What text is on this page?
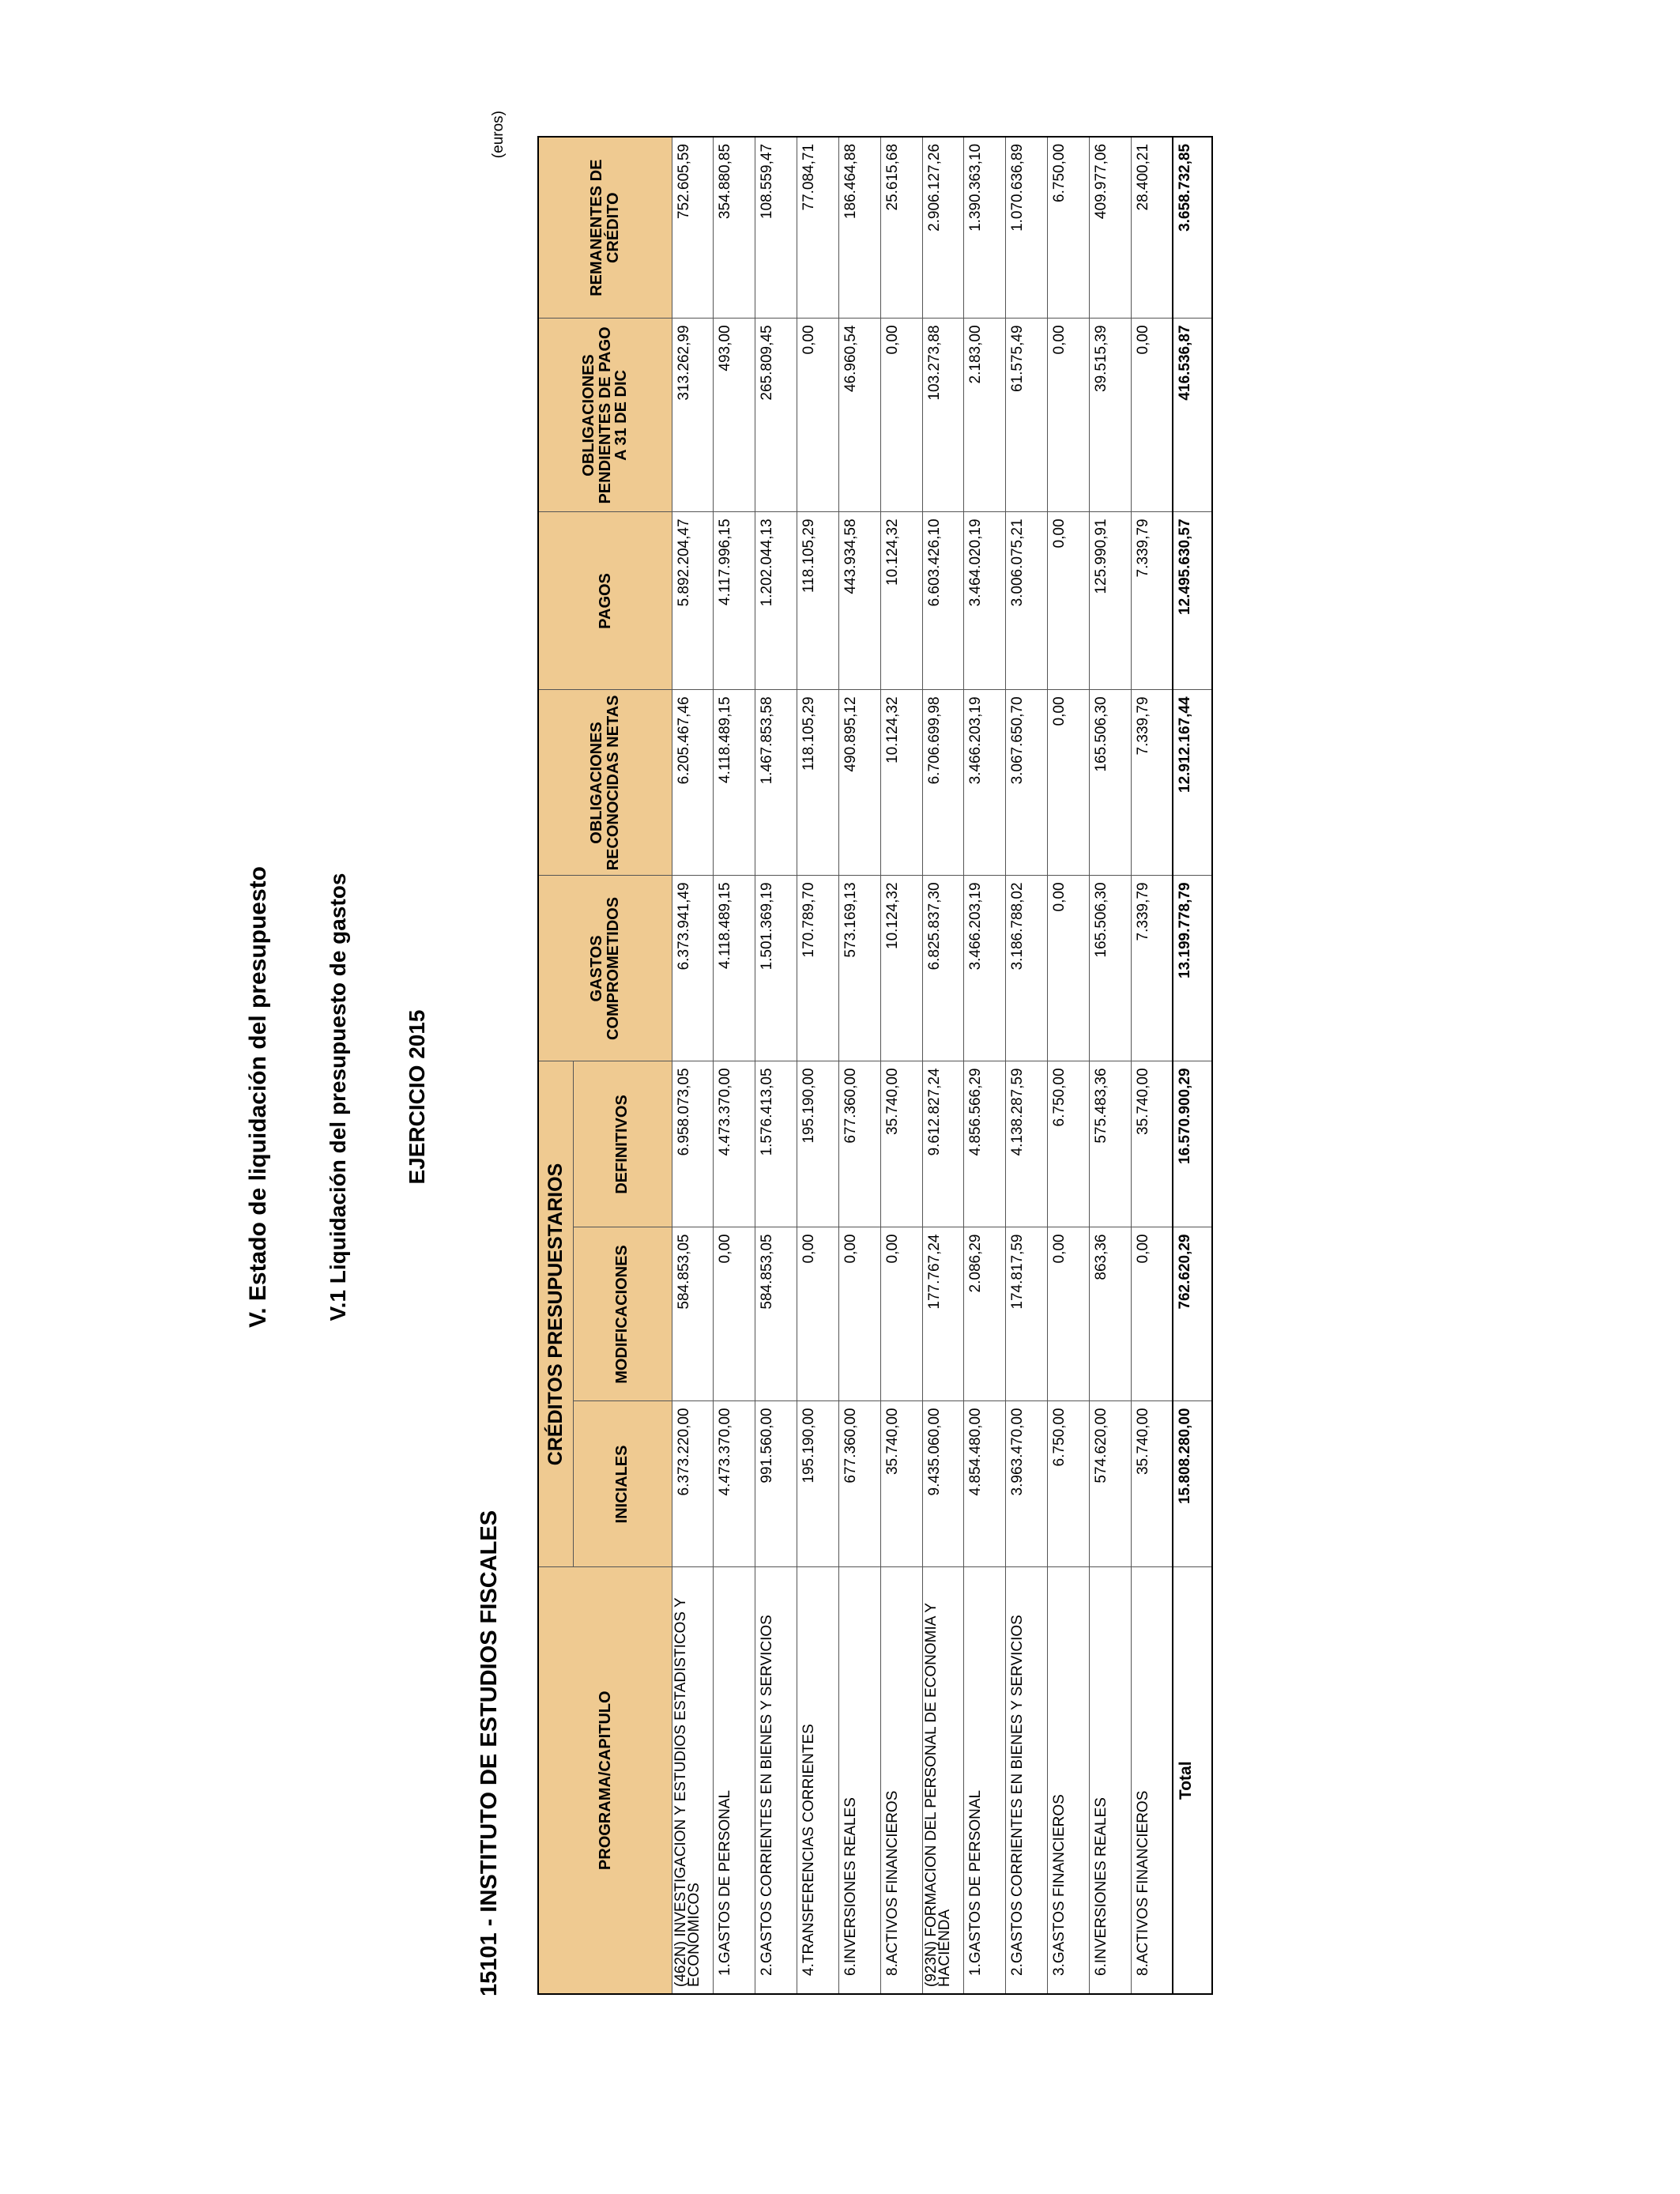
V. Estado de liquidación del presupuesto V.1 Liquidación del presupuesto de gastos EJERCICIO 2015
15101 - INSTITUTO DE ESTUDIOS FISCALES
(euros)
PROGRAMA/CAPITULO	CRÉDITOS PRESUPUESTARIOS			GASTOS COMPROMETIDOS	OBLIGACIONES RECONOCIDAS NETAS	PAGOS	OBLIGACIONES PENDIENTES DE PAGO A 31 DE DIC	REMANENTES DE CRÉDITO
	INICIALES	MODIFICACIONES	DEFINITIVOS					
(462N) INVESTIGACION Y ESTUDIOS ESTADISTICOS Y ECONOMICOS	6.373.220,00	584.853,05	6.958.073,05	6.373.941,49	6.205.467,46	5.892.204,47	313.262,99	752.605,59
1.GASTOS DE PERSONAL	4.473.370,00	0,00	4.473.370,00	4.118.489,15	4.118.489,15	4.117.996,15	493,00	354.880,85
2.GASTOS CORRIENTES EN BIENES Y SERVICIOS	991.560,00	584.853,05	1.576.413,05	1.501.369,19	1.467.853,58	1.202.044,13	265.809,45	108.559,47
4.TRANSFERENCIAS CORRIENTES	195.190,00	0,00	195.190,00	170.789,70	118.105,29	118.105,29	0,00	77.084,71
6.INVERSIONES REALES	677.360,00	0,00	677.360,00	573.169,13	490.895,12	443.934,58	46.960,54	186.464,88
8.ACTIVOS FINANCIEROS	35.740,00	0,00	35.740,00	10.124,32	10.124,32	10.124,32	0,00	25.615,68
(923N) FORMACION DEL PERSONAL DE ECONOMIA Y HACIENDA	9.435.060,00	177.767,24	9.612.827,24	6.825.837,30	6.706.699,98	6.603.426,10	103.273,88	2.906.127,26
1.GASTOS DE PERSONAL	4.854.480,00	2.086,29	4.856.566,29	3.466.203,19	3.466.203,19	3.464.020,19	2.183,00	1.390.363,10
2.GASTOS CORRIENTES EN BIENES Y SERVICIOS	3.963.470,00	174.817,59	4.138.287,59	3.186.788,02	3.067.650,70	3.006.075,21	61.575,49	1.070.636,89
3.GASTOS FINANCIEROS	6.750,00	0,00	6.750,00	0,00	0,00	0,00	0,00	6.750,00
6.INVERSIONES REALES	574.620,00	863,36	575.483,36	165.506,30	165.506,30	125.990,91	39.515,39	409.977,06
8.ACTIVOS FINANCIEROS	35.740,00	0,00	35.740,00	7.339,79	7.339,79	7.339,79	0,00	28.400,21
Total	15.808.280,00	762.620,29	16.570.900,29	13.199.778,79	12.912.167,44	12.495.630,57	416.536,87	3.658.732,85
